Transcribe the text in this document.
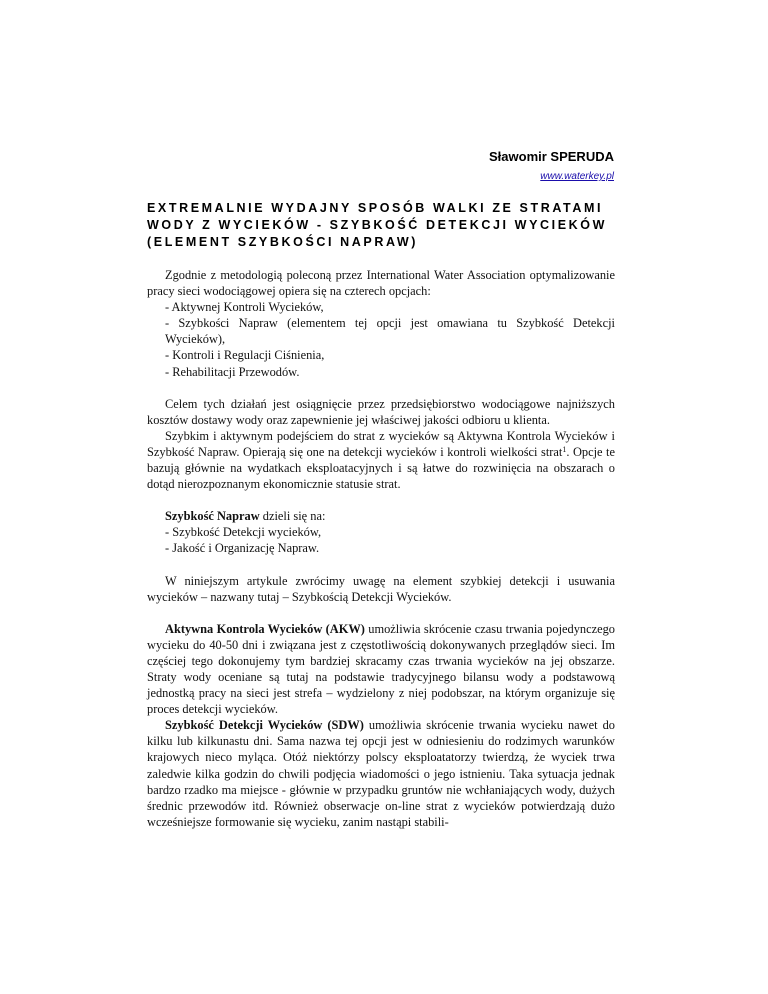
Sławomir SPERUDA
www.waterkey.pl
EXTREMALNIE WYDAJNY SPOSÓB WALKI ZE STRATAMI WODY Z WYCIEKÓW - SZYBKOŚĆ DETEKCJI WYCIEKÓW (ELEMENT SZYBKOŚCI NAPRAW)

Zgodnie z metodologią poleconą przez International Water Association optymalizowanie pracy sieci wodociągowej opiera się na czterech opcjach:

- Aktywnej Kontroli Wycieków,

- Szybkości Napraw (elementem tej opcji jest omawiana tu Szybkość Detekcji Wycieków),

- Kontroli i Regulacji Ciśnienia,

- Rehabilitacji Przewodów.

Celem tych działań jest osiągnięcie przez przedsiębiorstwo wodociągowe najniższych kosztów dostawy wody oraz zapewnienie jej właściwej jakości odbioru u klienta.

Szybkim i aktywnym podejściem do strat z wycieków są Aktywna Kontrola Wycieków i Szybkość Napraw. Opierają się one na detekcji wycieków i kontroli wielkości strat$^1$. Opcje te bazują głównie na wydatkach eksploatacyjnych i są łatwe do rozwinięcia na obszarach o dotąd nierozpoznanym ekonomicznie statusie strat.

Szybkość Napraw dzieli się na:

- Szybkość Detekcji wycieków,

- Jakość i Organizację Napraw.

W niniejszym artykule zwrócimy uwagę na element szybkiej detekcji i usuwania wycieków – nazwany tutaj – Szybkością Detekcji Wycieków.

Aktywna Kontrola Wycieków (AKW) umożliwia skrócenie czasu trwania pojedynczego wycieku do 40-50 dni i związana jest z częstotliwością dokonywanych przeglądów sieci. Im częściej tego dokonujemy tym bardziej skracamy czas trwania wycieków na jej obszarze. Straty wody oceniane są tutaj na podstawie tradycyjnego bilansu wody a podstawową jednostką pracy na sieci jest strefa – wydzielony z niej podobszar, na którym organizuje się proces detekcji wycieków.

Szybkość Detekcji Wycieków (SDW) umożliwia skrócenie trwania wycieku nawet do kilku lub kilkunastu dni. Sama nazwa tej opcji jest w odniesieniu do rodzimych warunków krajowych nieco myląca. Otóż niektórzy polscy eksploatatorzy twierdzą, że wyciek trwa zaledwie kilka godzin do chwili podjęcia wiadomości o jego istnieniu. Taka sytuacja jednak bardzo rzadko ma miejsce - głównie w przypadku gruntów nie wchłaniających wody, dużych średnic przewodów itd. Również obserwacje on-line strat z wycieków potwierdzają dużo wcześniejsze formowanie się wycieku, zanim nastąpi stabili-
